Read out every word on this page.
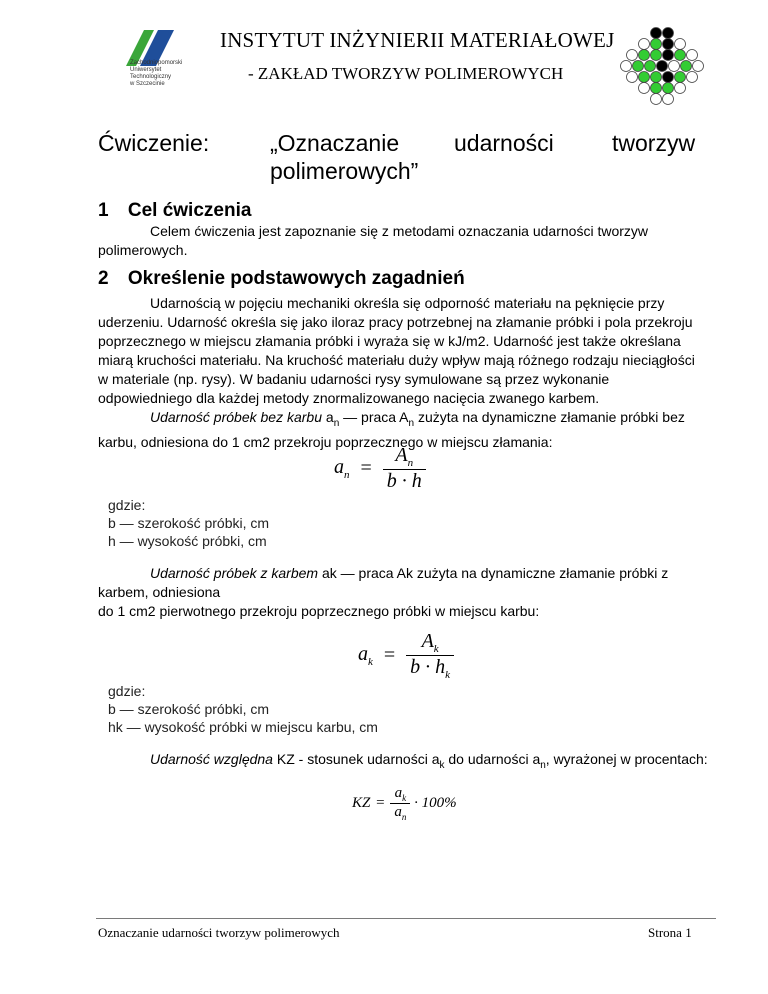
Zachodniopomorski
Uniwersytet
Technologiczny
w Szczecinie
INSTYTUT INŻYNIERII MATERIAŁOWEJ
- ZAKŁAD TWORZYW POLIMEROWYCH
Ćwiczenie:	„Oznaczanie udarności	tworzyw
polimerowych”
1 Cel ćwiczenia
Celem ćwiczenia jest zapoznanie się z metodami oznaczania udarności tworzyw
polimerowych.
2 Określenie podstawowych zagadnień
Udarnością w pojęciu mechaniki określa się odporność materiału na pęknięcie przy
uderzeniu. Udarność określa się jako iloraz pracy potrzebnej na złamanie próbki i pola przekroju
poprzecznego w miejscu złamania próbki i wyraża się w kJ/m2. Udarność jest także określana
miarą kruchości materiału. Na kruchość materiału duży wpływ mają różnego rodzaju nieciągłości
w materiale (np. rysy). W badaniu udarności rysy symulowane są przez wykonanie
odpowiedniego dla każdej metody znormalizowanego nacięcia zwanego karbem.
Udarność próbek bez karbu $a_n$ — praca $A_n$ zużyta na dynamiczne złamanie próbki bez
karbu, odniesiona do 1 cm2 przekroju poprzecznego w miejscu złamania:
$a_n = \frac{A_n}{b \cdot h}$
gdzie:
b — szerokość próbki, cm
h — wysokość próbki, cm
Udarność próbek z karbem ak — praca Ak zużyta na dynamiczne złamanie próbki z
karbem, odniesiona
do 1 cm2 pierwotnego przekroju poprzecznego próbki w miejscu karbu:
$a_k = \frac{A_k}{b \cdot h_k}$
gdzie:
b — szerokość próbki, cm
hk — wysokość próbki w miejscu karbu, cm
Udarność względna KZ - stosunek udarności $a_k$ do udarności $a_n$, wyrażonej w procentach:
KZ = $\frac{a_k}{a_n} \cdot 100\%$
Oznaczanie udarności tworzyw polimerowych	Strona 1
